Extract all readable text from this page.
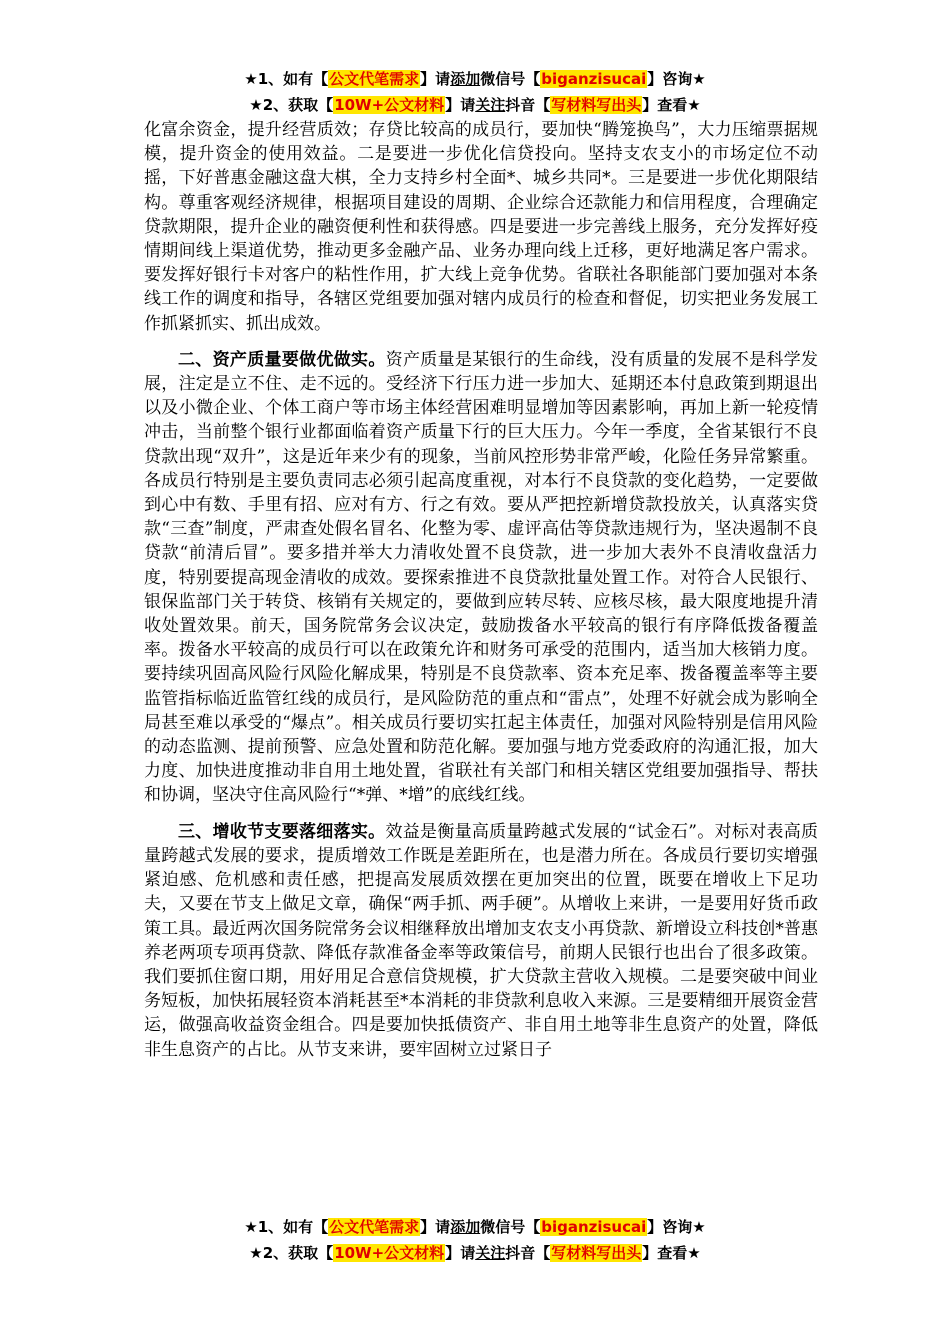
★1、如有【公文代笔需求】请添加微信号【biganzisucai】咨询★
★2、获取【10W+公文材料】请关注抖音【写材料写出头】查看★

化富余资金，提升经营质效；存贷比较高的成员行，要加快“腾笼换鸟”，大力压缩票据规模，提升资金的使用效益。二是要进一步优化信贷投向。坚持支农支小的市场定位不动摇，下好普惠金融这盘大棋，全力支持乡村全面*、城乡共同*。三是要进一步优化期限结构。尊重客观经济规律，根据项目建设的周期、企业综合还款能力和信用程度，合理确定贷款期限，提升企业的融资便利性和获得感。四是要进一步完善线上服务，充分发挥好疫情期间线上渠道优势，推动更多金融产品、业务办理向线上迁移，更好地满足客户需求。要发挥好银行卡对客户的粘性作用，扩大线上竞争优势。省联社各职能部门要加强对本条线工作的调度和指导，各辖区党组要加强对辖内成员行的检查和督促，切实把业务发展工作抓紧抓实、抓出成效。

二、资产质量要做优做实。资产质量是某银行的生命线，没有质量的发展不是科学发展，注定是立不住、走不远的。受经济下行压力进一步加大、延期还本付息政策到期退出以及小微企业、个体工商户等市场主体经营困难明显增加等因素影响，再加上新一轮疫情冲击，当前整个银行业都面临着资产质量下行的巨大压力。今年一季度，全省某银行不良贷款出现“双升”，这是近年来少有的现象，当前风控形势非常严峻，化险任务异常繁重。各成员行特别是主要负责同志必须引起高度重视，对本行不良贷款的变化趋势，一定要做到心中有数、手里有招、应对有方、行之有效。要从严把控新增贷款投放关，认真落实贷款“三查”制度，严肃查处假名冒名、化整为零、虚评高估等贷款违规行为，坚决遏制不良贷款“前清后冒”。要多措并举大力清收处置不良贷款，进一步加大表外不良清收盘活力度，特别要提高现金清收的成效。要探索推进不良贷款批量处置工作。对符合人民银行、银保监部门关于转贷、核销有关规定的，要做到应转尽转、应核尽核，最大限度地提升清收处置效果。前天，国务院常务会议决定，鼓励拨备水平较高的银行有序降低拨备覆盖率。拨备水平较高的成员行可以在政策允许和财务可承受的范围内，适当加大核销力度。要持续巩固高风险行风险化解成果，特别是不良贷款率、资本充足率、拨备覆盖率等主要监管指标临近监管红线的成员行，是风险防范的重点和“雷点”，处理不好就会成为影响全局甚至难以承受的“爆点”。相关成员行要切实扛起主体责任，加强对风险特别是信用风险的动态监测、提前预警、应急处置和防范化解。要加强与地方党委政府的沟通汇报，加大力度、加快进度推动非自用土地处置，省联社有关部门和相关辖区党组要加强指导、帮扶和协调，坚决守住高风险行“*弹、*增”的底线红线。

三、增收节支要落细落实。效益是衡量高质量跨越式发展的“试金石”。对标对表高质量跨越式发展的要求，提质增效工作既是差距所在，也是潜力所在。各成员行要切实增强紧迫感、危机感和责任感，把提高发展质效摆在更加突出的位置，既要在增收上下足功夫，又要在节支上做足文章，确保“两手抓、两手硬”。从增收上来讲，一是要用好货币政策工具。最近两次国务院常务会议相继释放出增加支农支小再贷款、新增设立科技创*普惠养老两项专项再贷款、降低存款准备金率等政策信号，前期人民银行也出台了很多政策。我们要抓住窗口期，用好用足合意信贷规模，扩大贷款主营收入规模。二是要突破中间业务短板，加快拓展轻资本消耗甚至*本消耗的非贷款利息收入来源。三是要精细开展资金营运，做强高收益资金组合。四是要加快抵债资产、非自用土地等非生息资产的处置，降低非生息资产的占比。从节支来讲，要牢固树立过紧日子

★1、如有【公文代笔需求】请添加微信号【biganzisucai】咨询★
★2、获取【10W+公文材料】请关注抖音【写材料写出头】查看★
